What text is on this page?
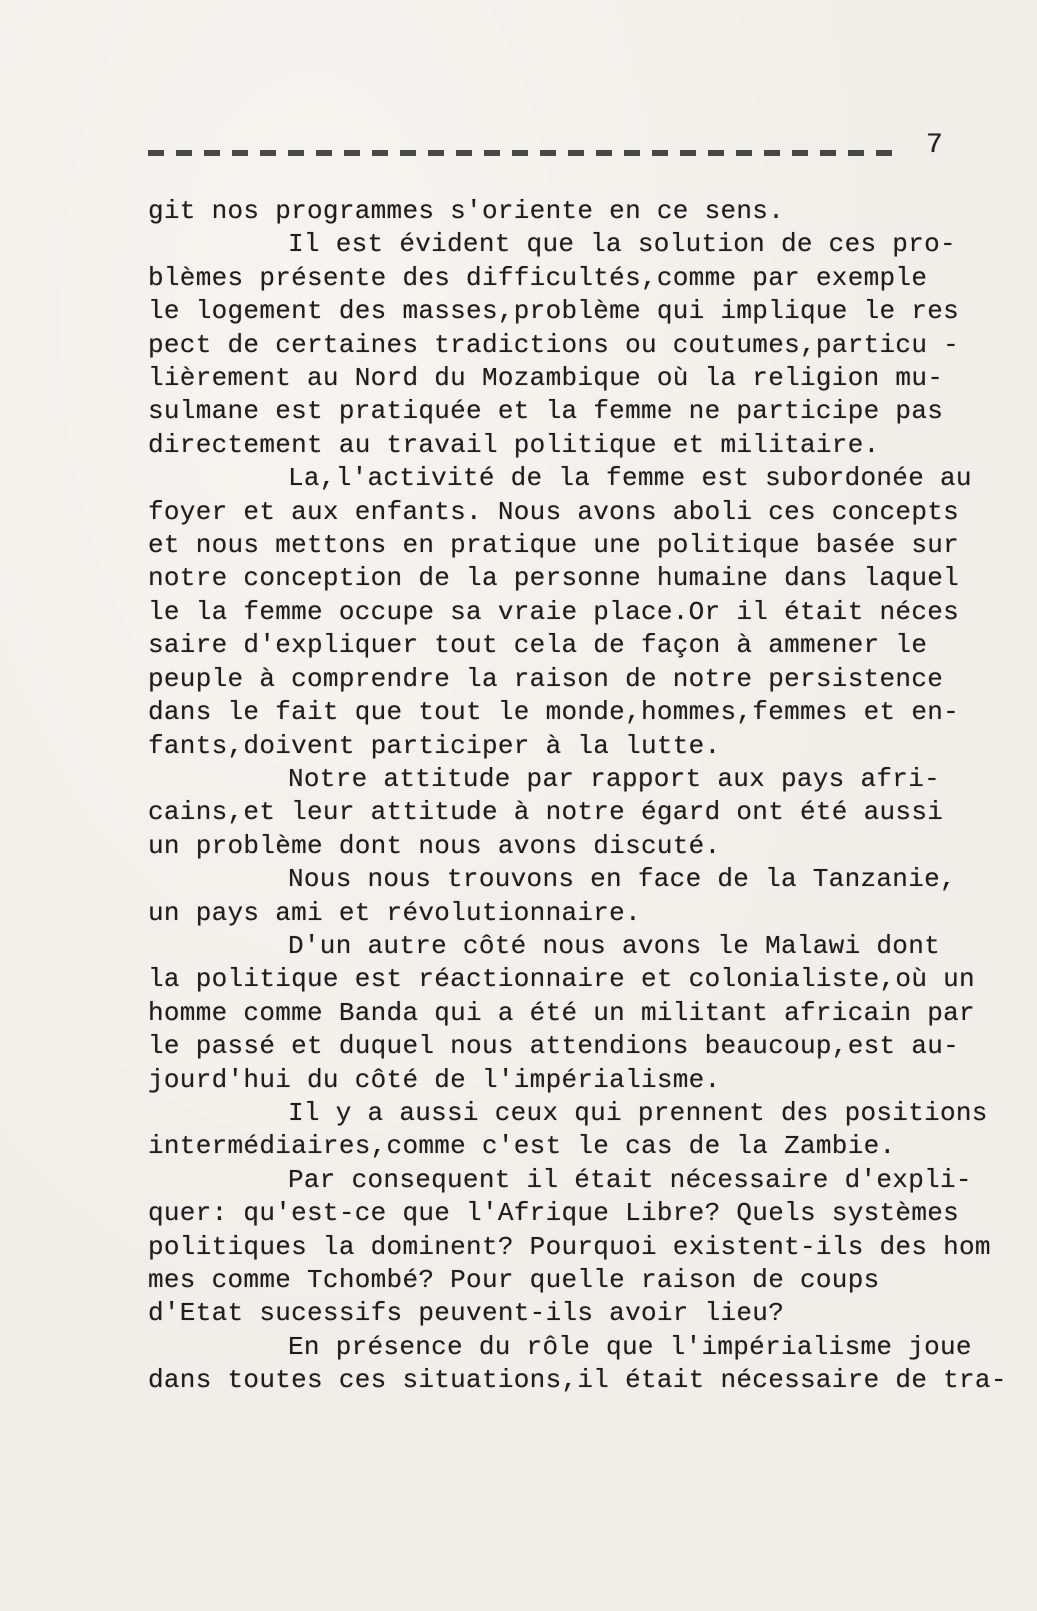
7
git nos programmes s'oriente en ce sens.
Il est évident que la solution de ces pro-
blèmes présente des difficultés,comme par exemple
le logement des masses,problème qui implique le res
pect de certaines tradictions ou coutumes,particu -
lièrement au Nord du Mozambique où la religion mu-
sulmane est pratiquée et la femme ne participe pas
directement au travail politique et militaire.
La,l'activité de la femme est subordonée au
foyer et aux enfants. Nous avons aboli ces concepts
et nous mettons en pratique une politique basée sur
notre conception de la personne humaine dans laquel
le la femme occupe sa vraie place.Or il était néces
saire d'expliquer tout cela de façon à ammener le
peuple à comprendre la raison de notre persistence
dans le fait que tout le monde,hommes,femmes et en-
fants,doivent participer à la lutte.
Notre attitude par rapport aux pays afri-
cains,et leur attitude à notre égard ont été aussi
un problème dont nous avons discuté.
Nous nous trouvons en face de la Tanzanie,
un pays ami et révolutionnaire.
D'un autre côté nous avons le Malawi dont
la politique est réactionnaire et colonialiste,où un
homme comme Banda qui a été un militant africain par
le passé et duquel nous attendions beaucoup,est au-
jourd'hui du côté de l'impérialisme.
Il y a aussi ceux qui prennent des positions
intermédiaires,comme c'est le cas de la Zambie.
Par consequent il était nécessaire d'expli-
quer: qu'est-ce que l'Afrique Libre? Quels systèmes
politiques la dominent? Pourquoi existent-ils des hom
mes comme Tchombé? Pour quelle raison de coups
d'Etat sucessifs peuvent-ils avoir lieu?
En présence du rôle que l'impérialisme joue
dans toutes ces situations,il était nécessaire de tra-
